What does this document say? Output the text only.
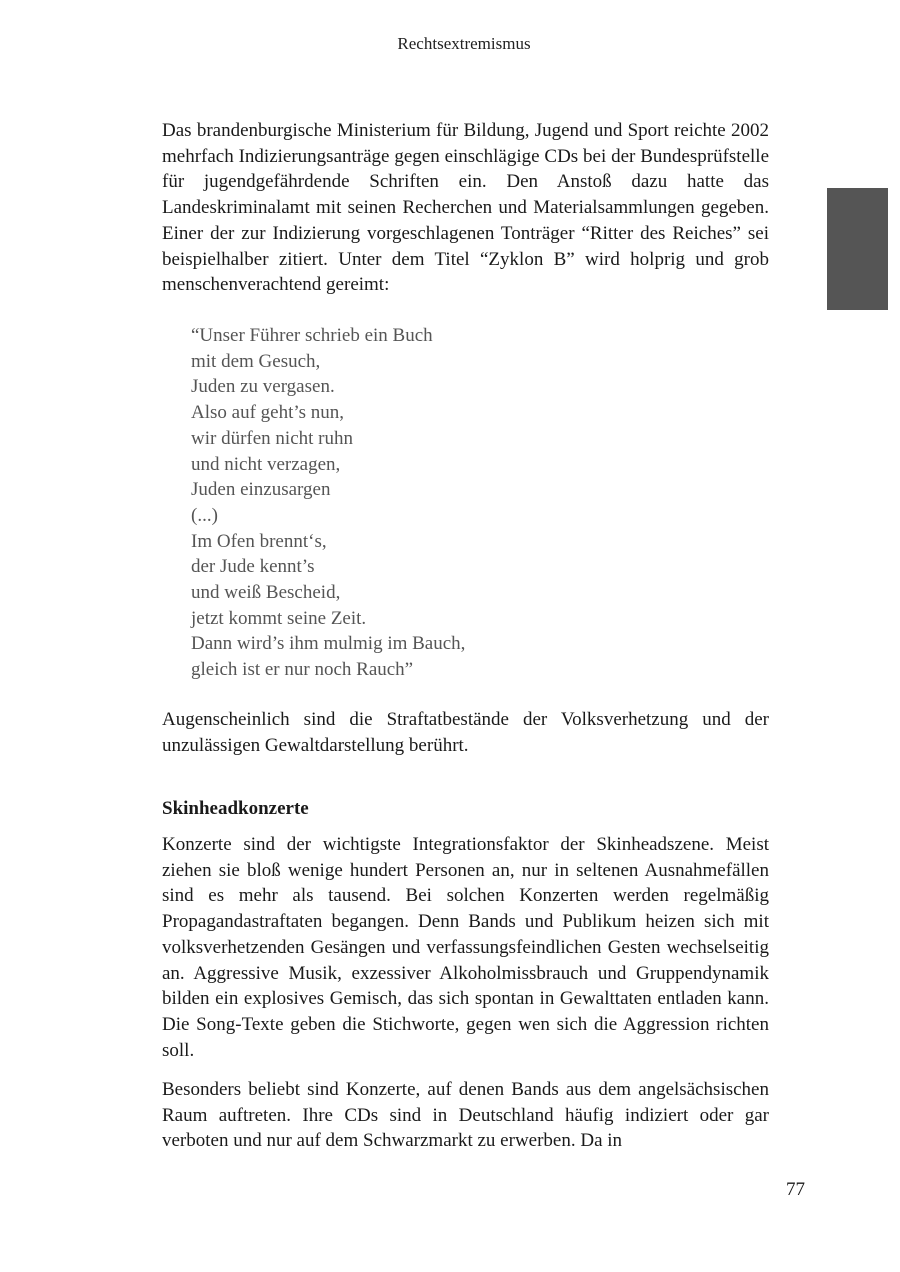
Rechtsextremismus

Das brandenburgische Ministerium für Bildung, Jugend und Sport reichte 2002 mehrfach Indizierungsanträge gegen einschlägige CDs bei der Bundesprüfstelle für jugendgefährdende Schriften ein. Den Anstoß dazu hatte das Landeskriminalamt mit seinen Recherchen und Materialsammlungen gegeben. Einer der zur Indizierung vorgeschlagenen Tonträger “Ritter des Reiches” sei beispielhalber zitiert. Unter dem Titel “Zyklon B” wird holprig und grob menschenverachtend gereimt:

“Unser Führer schrieb ein Buch
mit dem Gesuch,
Juden zu vergasen.
Also auf geht’s nun,
wir dürfen nicht ruhn
und nicht verzagen,
Juden einzusargen
(...)
Im Ofen brennt‘s,
der Jude kennt’s
und weiß Bescheid,
jetzt kommt seine Zeit.
Dann wird’s ihm mulmig im Bauch,
gleich ist er nur noch Rauch”

Augenscheinlich sind die Straftatbestände der Volksverhetzung und der unzulässigen Gewaltdarstellung berührt.

Skinheadkonzerte

Konzerte sind der wichtigste Integrationsfaktor der Skinheadszene. Meist ziehen sie bloß wenige hundert Personen an, nur in seltenen Ausnahmefällen sind es mehr als tausend. Bei solchen Konzerten werden regelmäßig Propagandastraftaten begangen. Denn Bands und Publikum heizen sich mit volksverhetzenden Gesängen und verfassungsfeindlichen Gesten wechselseitig an. Aggressive Musik, exzessiver Alkoholmissbrauch und Gruppendynamik bilden ein explosives Gemisch, das sich spontan in Gewalttaten entladen kann. Die Song-Texte geben die Stichworte, gegen wen sich die Aggression richten soll.

Besonders beliebt sind Konzerte, auf denen Bands aus dem angelsächsischen Raum auftreten. Ihre CDs sind in Deutschland häufig indiziert oder gar verboten und nur auf dem Schwarzmarkt zu erwerben. Da in

77
